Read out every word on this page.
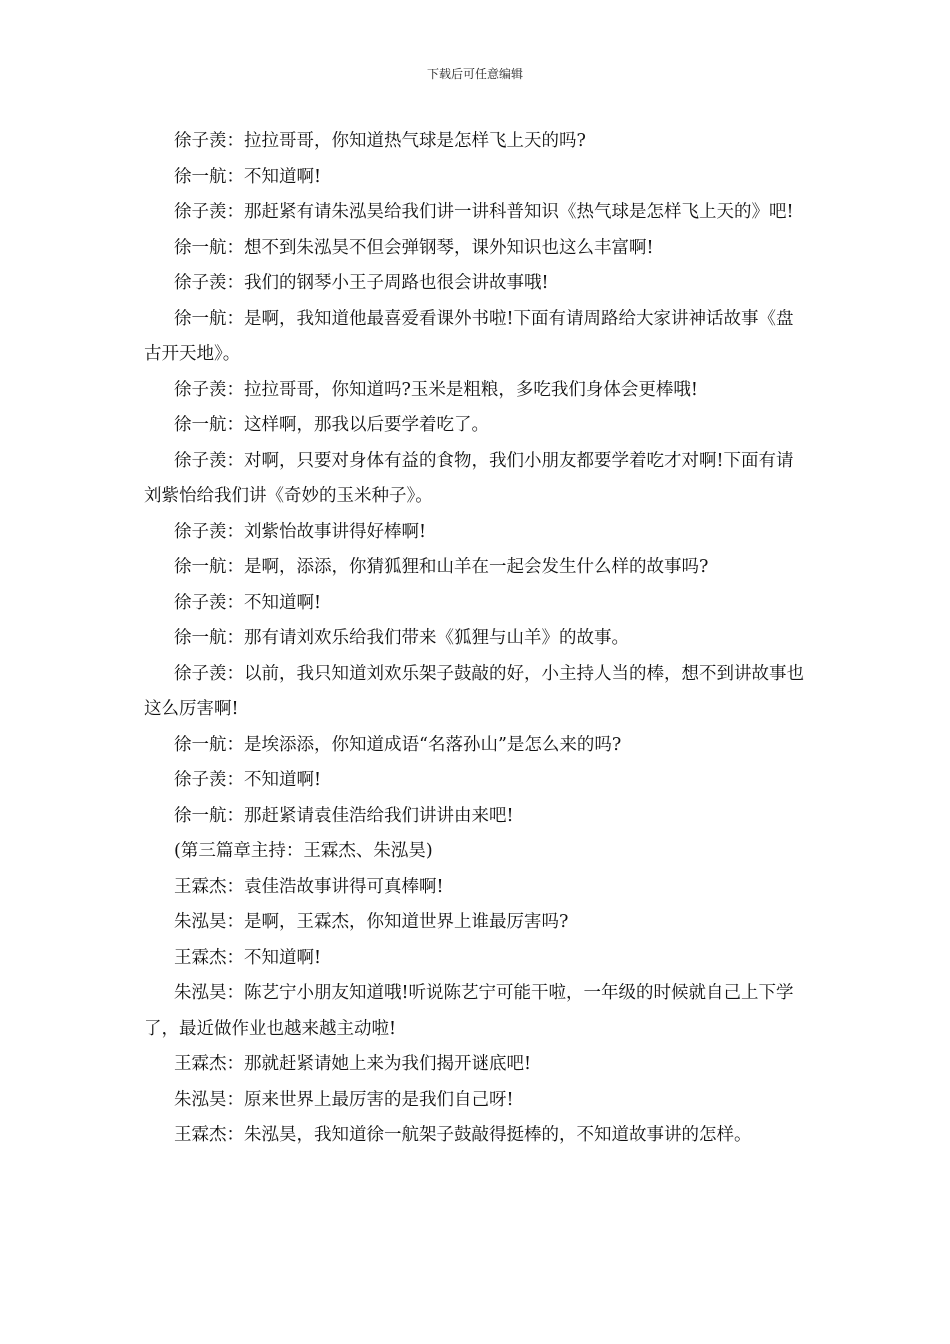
下载后可任意编辑

徐子羡：拉拉哥哥，你知道热气球是怎样飞上天的吗?

徐一航：不知道啊!

徐子羡：那赶紧有请朱泓昊给我们讲一讲科普知识《热气球是怎样飞上天的》吧!

徐一航：想不到朱泓昊不但会弹钢琴，课外知识也这么丰富啊!

徐子羡：我们的钢琴小王子周路也很会讲故事哦!

徐一航：是啊，我知道他最喜爱看课外书啦!下面有请周路给大家讲神话故事《盘古开天地》。

徐子羡：拉拉哥哥，你知道吗?玉米是粗粮，多吃我们身体会更棒哦!

徐一航：这样啊，那我以后要学着吃了。

徐子羡：对啊，只要对身体有益的食物，我们小朋友都要学着吃才对啊!下面有请刘紫怡给我们讲《奇妙的玉米种子》。

徐子羡：刘紫怡故事讲得好棒啊!

徐一航：是啊，添添，你猜狐狸和山羊在一起会发生什么样的故事吗?

徐子羡：不知道啊!

徐一航：那有请刘欢乐给我们带来《狐狸与山羊》的故事。

徐子羡：以前，我只知道刘欢乐架子鼓敲的好，小主持人当的棒，想不到讲故事也这么厉害啊!

徐一航：是埃添添，你知道成语“名落孙山”是怎么来的吗?

徐子羡：不知道啊!

徐一航：那赶紧请袁佳浩给我们讲讲由来吧!

(第三篇章主持：王霖杰、朱泓昊)

王霖杰：袁佳浩故事讲得可真棒啊!

朱泓昊：是啊，王霖杰，你知道世界上谁最厉害吗?

王霖杰：不知道啊!

朱泓昊：陈艺宁小朋友知道哦!听说陈艺宁可能干啦，一年级的时候就自己上下学了，最近做作业也越来越主动啦!

王霖杰：那就赶紧请她上来为我们揭开谜底吧!

朱泓昊：原来世界上最厉害的是我们自己呀!

王霖杰：朱泓昊，我知道徐一航架子鼓敲得挺棒的，不知道故事讲的怎样。
